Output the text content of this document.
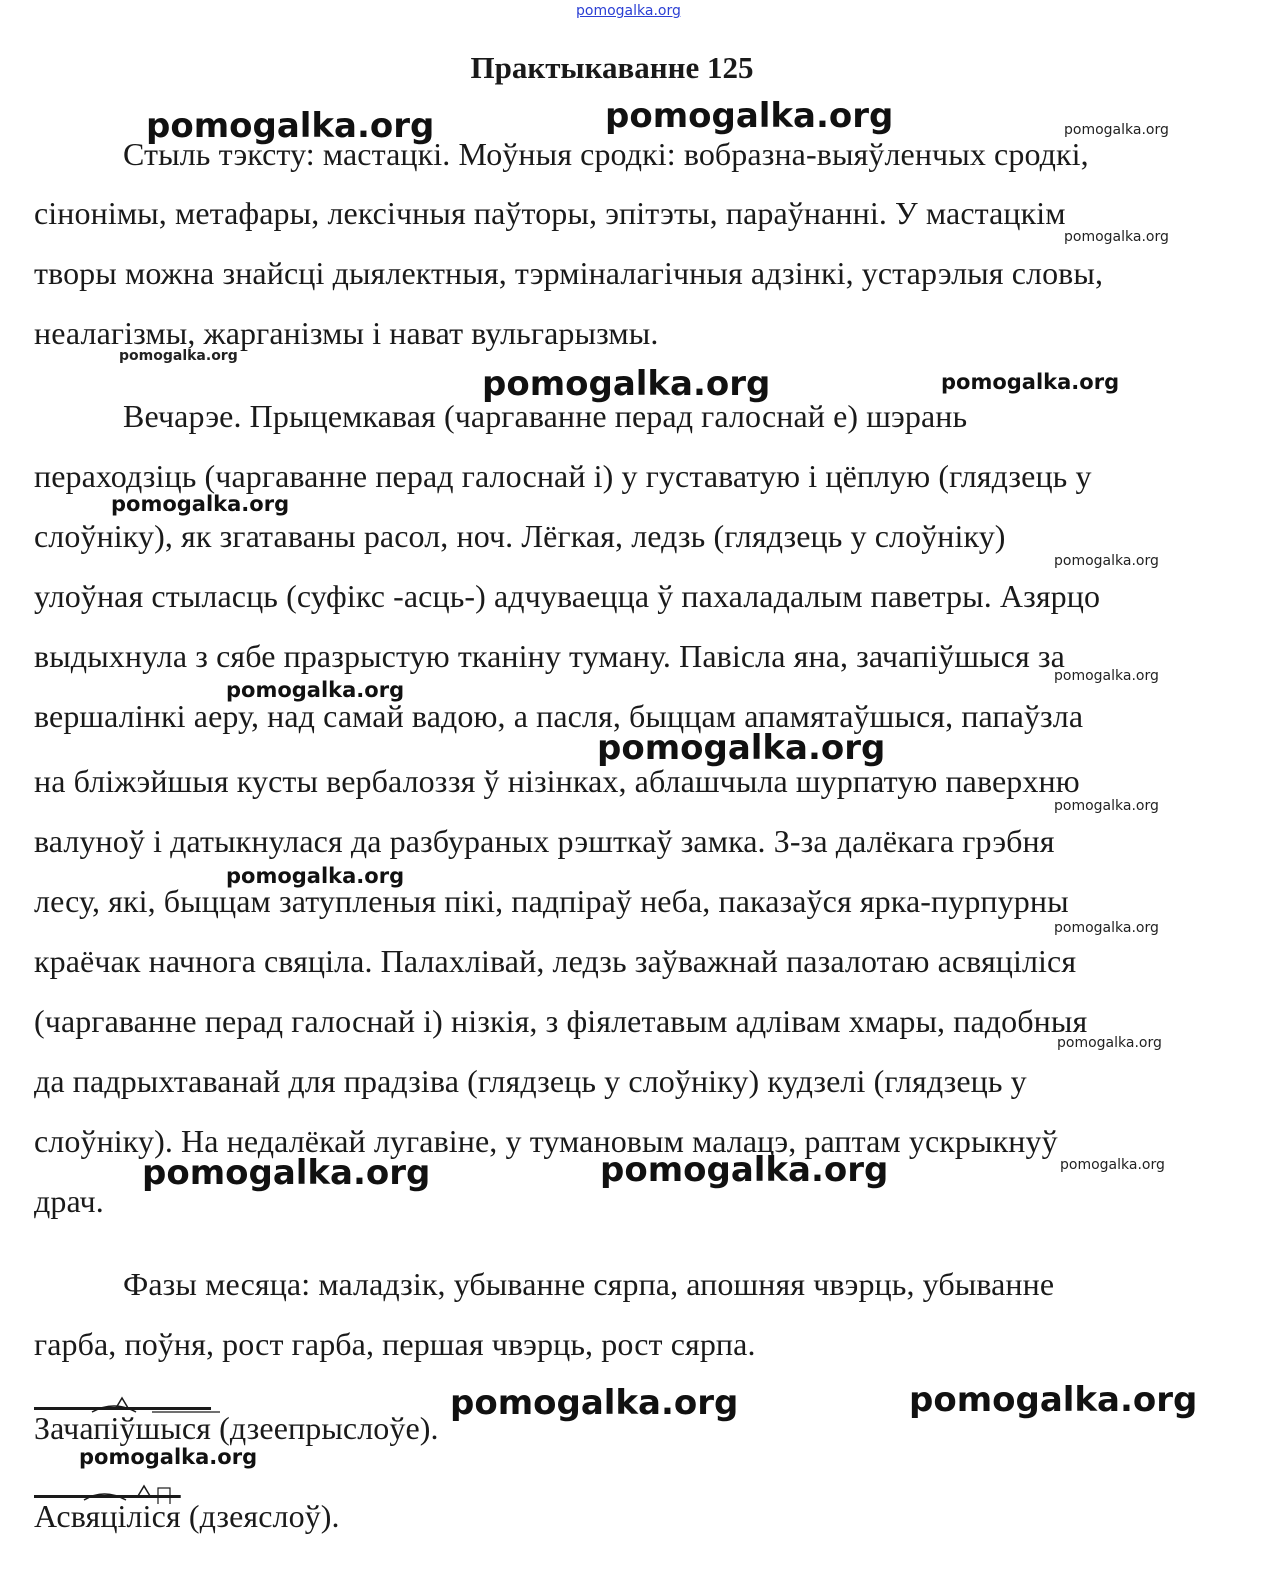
pomogalka.org
Практыкаванне 125

Стыль тэксту: мастацкі. Моўныя сродкі: вобразна-выяўленчых сродкі,

сінонімы, метафары, лексічныя паўторы, эпітэты, параўнанні. У мастацкім

творы можна знайсці дыялектныя, тэрміналагічныя адзінкі, устарэлыя словы,

неалагізмы, жарганізмы і нават вульгарызмы.

Вечарэе. Прыцемкавая (чаргаванне перад галоснай е) шэрань

пераходзіць (чаргаванне перад галоснай і) у густаватую і цёплую (глядзець у

слоўніку), як згатаваны расол, ноч. Лёгкая, ледзь (глядзець у слоўніку)

улоўная стыласць (суфікс -асць-) адчуваецца ў пахаладалым паветры. Азярцо

выдыхнула з сябе празрыстую тканіну туману. Павісла яна, зачапіўшыся за

вершалінкі аеру, над самай вадою, а пасля, быццам апамятаўшыся, папаўзла

на бліжэйшыя кусты вербалоззя ў нізінках, аблашчыла шурпатую паверхню

валуноў і датыкнулася да разбураных рэшткаў замка. З-за далёкага грэбня

лесу, які, быццам затупленыя пікі, падпіраў неба, паказаўся ярка-пурпурны

краёчак начнога свяціла. Палахлівай, ледзь заўважнай пазалотаю асвяціліся

(чаргаванне перад галоснай і) нізкія, з фіялетавым адлівам хмары, падобныя

да падрыхтаванай для прадзіва (глядзець у слоўніку) кудзелі (глядзець у

слоўніку). На недалёкай лугавіне, у тумановым малацэ, раптам ускрыкнуў

драч.

Фазы месяца: маладзік, убыванне сярпа, апошняя чвэрць, убыванне

гарба, поўня, рост гарба, першая чвэрць, рост сярпа.

Зачапіўшыся (дзеепрыслоўе).
Асвяціліся (дзеяслоў).
pomogalka.org	pomogalka.org	pomogalka.org
pomogalka.org
pomogalka.org
pomogalka.org	pomogalka.org
pomogalka.org
pomogalka.org
pomogalka.org
pomogalka.org
pomogalka.org
pomogalka.org
pomogalka.org
pomogalka.org
pomogalka.org
pomogalka.org
pomogalka.org	pomogalka.org
pomogalka.org	pomogalka.org
pomogalka.org
